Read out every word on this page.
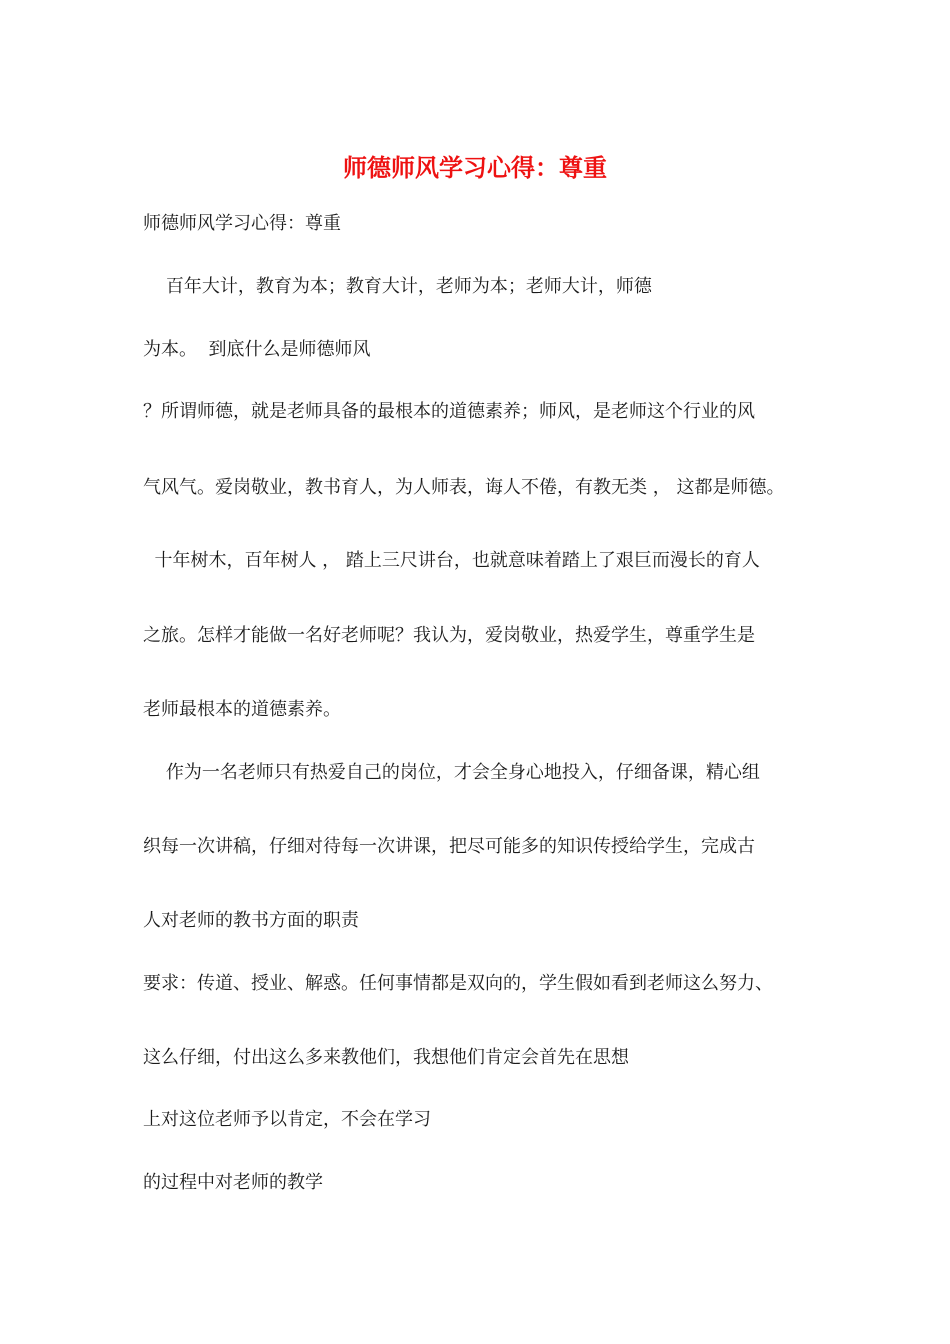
师德师风学习心得：尊重
师德师风学习心得：尊重
百年大计，教育为本；教育大计，老师为本；老师大计，师德
为本。  到底什么是师德师风
？所谓师德，就是老师具备的最根本的道德素养；师风，是老师这个行业的风
气风气。爱岗敬业，教书育人，为人师表，诲人不倦，有教无类 ， 这都是师德。
十年树木，百年树人 ， 踏上三尺讲台，也就意味着踏上了艰巨而漫长的育人
之旅。怎样才能做一名好老师呢？我认为，爱岗敬业，热爱学生，尊重学生是
老师最根本的道德素养。
作为一名老师只有热爱自己的岗位，才会全身心地投入，仔细备课，精心组
织每一次讲稿，仔细对待每一次讲课，把尽可能多的知识传授给学生，完成古
人对老师的教书方面的职责
要求：传道、授业、解惑。任何事情都是双向的，学生假如看到老师这么努力、
这么仔细，付出这么多来教他们，我想他们肯定会首先在思想
上对这位老师予以肯定，不会在学习
的过程中对老师的教学
